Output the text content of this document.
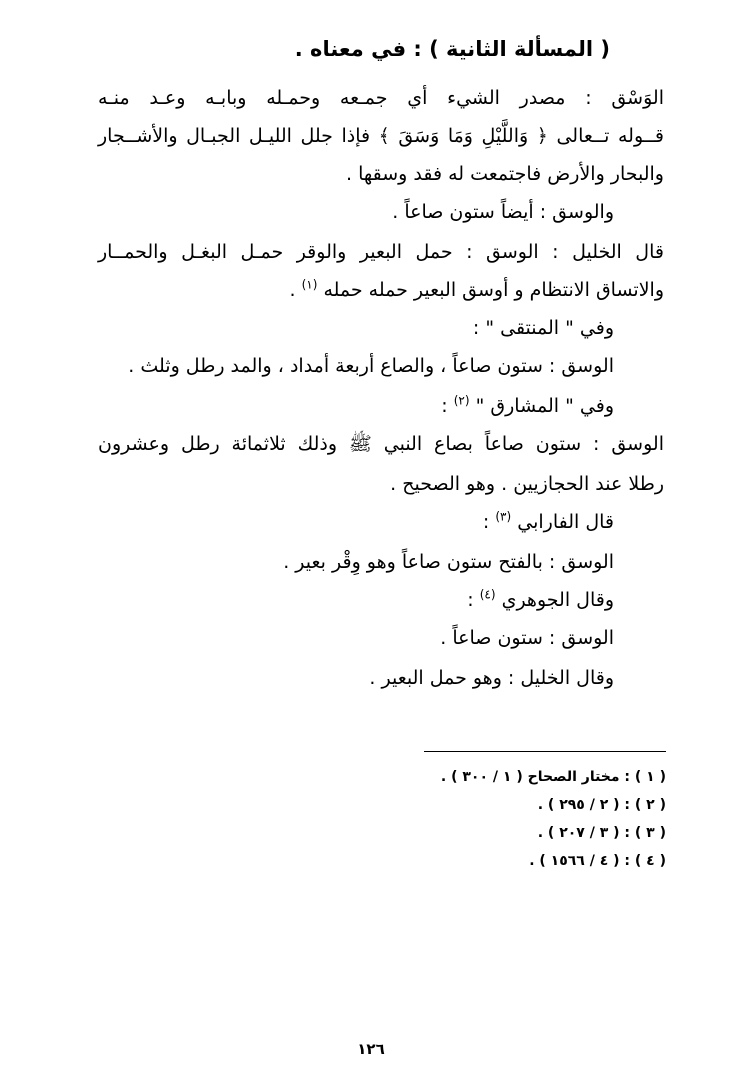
( المسألة الثانية ) : في معناه .
الوَسْق : مصدر الشيء أي جمـعه وحمـله وبابـه وعـد منـه
قــوله تــعالى ﴿ وَاللَّيْلِ وَمَا وَسَقَ ﴾ فإذا جلل الليـل الجبـال والأشــجار
والبحار والأرض فاجتمعت له فقد وسقها .
والوسق : أيضاً ستون صاعاً .
قال الخليل : الوسق : حمل البعير والوقر حمـل البغـل والحمــار
والاتساق الانتظام و أوسق البعير حمله حمله $^{(١)}$ .
وفي " المنتقى " :
الوسق : ستون صاعاً ، والصاع أربعة أمداد ، والمد رطل وثلث .
وفي " المشارق " $^{(٢)}$ :
الوسق : ستون صاعاً بصاع النبي ﷺ وذلك ثلاثمائة رطل وعشرون
رطلا عند الحجازيين . وهو الصحيح .
قال الفارابي $^{(٣)}$ :
الوسق : بالفتح ستون صاعاً وهو وِقْر بعير .
وقال الجوهري $^{(٤)}$ :
الوسق : ستون صاعاً .
وقال الخليل : وهو حمل البعير .
( ١ ) : مختار الصحاح ( ١ / ٣٠٠ ) .
( ٢ ) : ( ٢ / ٢٩٥ ) .
( ٣ ) : ( ٣ / ٢٠٧ ) .
( ٤ ) : ( ٤ / ١٥٦٦ ) .
١٢٦
